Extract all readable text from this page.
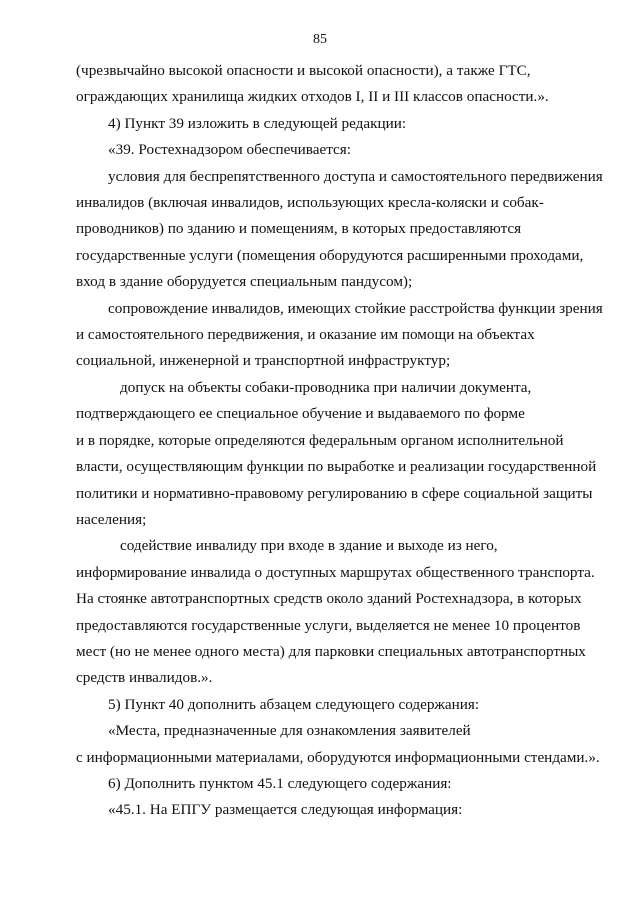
85

(чрезвычайно высокой опасности и высокой опасности), а также ГТС,

ограждающих хранилища жидких отходов I, II и III классов опасности.».

4) Пункт 39 изложить в следующей редакции:

«39. Ростехнадзором обеспечивается:

условия для беспрепятственного доступа и самостоятельного передвижения

инвалидов (включая инвалидов, использующих кресла-коляски и собак-

проводников) по зданию и помещениям, в которых предоставляются

государственные услуги (помещения оборудуются расширенными проходами,

вход в здание оборудуется специальным пандусом);

сопровождение инвалидов, имеющих стойкие расстройства функции зрения

и самостоятельного передвижения, и оказание им помощи на объектах

социальной, инженерной и транспортной инфраструктур;

допуск на объекты собаки-проводника при наличии документа,

подтверждающего ее специальное обучение и выдаваемого по форме

и в порядке, которые определяются федеральным органом исполнительной

власти, осуществляющим функции по выработке и реализации государственной

политики и нормативно-правовому регулированию в сфере социальной защиты

населения;

содействие инвалиду при входе в здание и выходе из него,

информирование инвалида о доступных маршрутах общественного транспорта.

На стоянке автотранспортных средств около зданий Ростехнадзора, в которых

предоставляются государственные услуги, выделяется не менее 10 процентов

мест (но не менее одного места) для парковки специальных автотранспортных

средств инвалидов.».

5) Пункт 40 дополнить абзацем следующего содержания:

«Места, предназначенные для ознакомления заявителей

с информационными материалами, оборудуются информационными стендами.».

6) Дополнить пунктом 45.1 следующего содержания:

«45.1. На ЕПГУ размещается следующая информация:
